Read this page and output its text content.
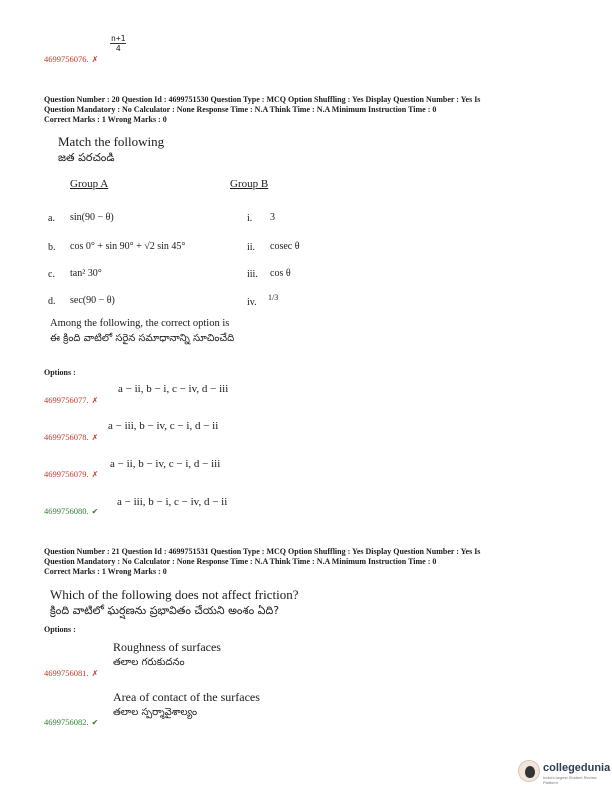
$\frac{n+1}{4}$
4699756076. ✗
Question Number : 20 Question Id : 4699751530 Question Type : MCQ Option Shuffling : Yes Display Question Number : Yes Is
Question Mandatory : No Calculator : None Response Time : N.A Think Time : N.A Minimum Instruction Time : 0
Correct Marks : 1 Wrong Marks : 0
Match the following
జత పరచండి
Group A	Group B
a. sin(90 − θ)	i. 3
b. cos 0° + sin 90° + √2 sin 45°	ii. cosec θ
c. tan² 30°	iii. cos θ
d. sec(90 − θ)	iv. 1/3
Among the following, the correct option is
ఈ క్రింది వాటిలో సరైన సమాధానాన్ని సూచించేది
Options :
a − ii, b − i, c − iv, d − iii
4699756077. ✗
a − iii, b − iv, c − i, d − ii
4699756078. ✗
a − ii, b − iv, c − i, d − iii
4699756079. ✗
a − iii, b − i, c − iv, d − ii
4699756080. ✔
Question Number : 21 Question Id : 4699751531 Question Type : MCQ Option Shuffling : Yes Display Question Number : Yes Is
Question Mandatory : No Calculator : None Response Time : N.A Think Time : N.A Minimum Instruction Time : 0
Correct Marks : 1 Wrong Marks : 0
Which of the following does not affect friction?
క్రింది వాటిలో ఘర్షణను ప్రభావితం చేయని అంశం ఏది?
Options :
Roughness of surfaces
తలాల గరుకుదనం
4699756081. ✗
Area of contact of the surfaces
తలాల స్పర్శావైశాల్యం
4699756082. ✔
collegedunia
India's largest Student Review Platform
